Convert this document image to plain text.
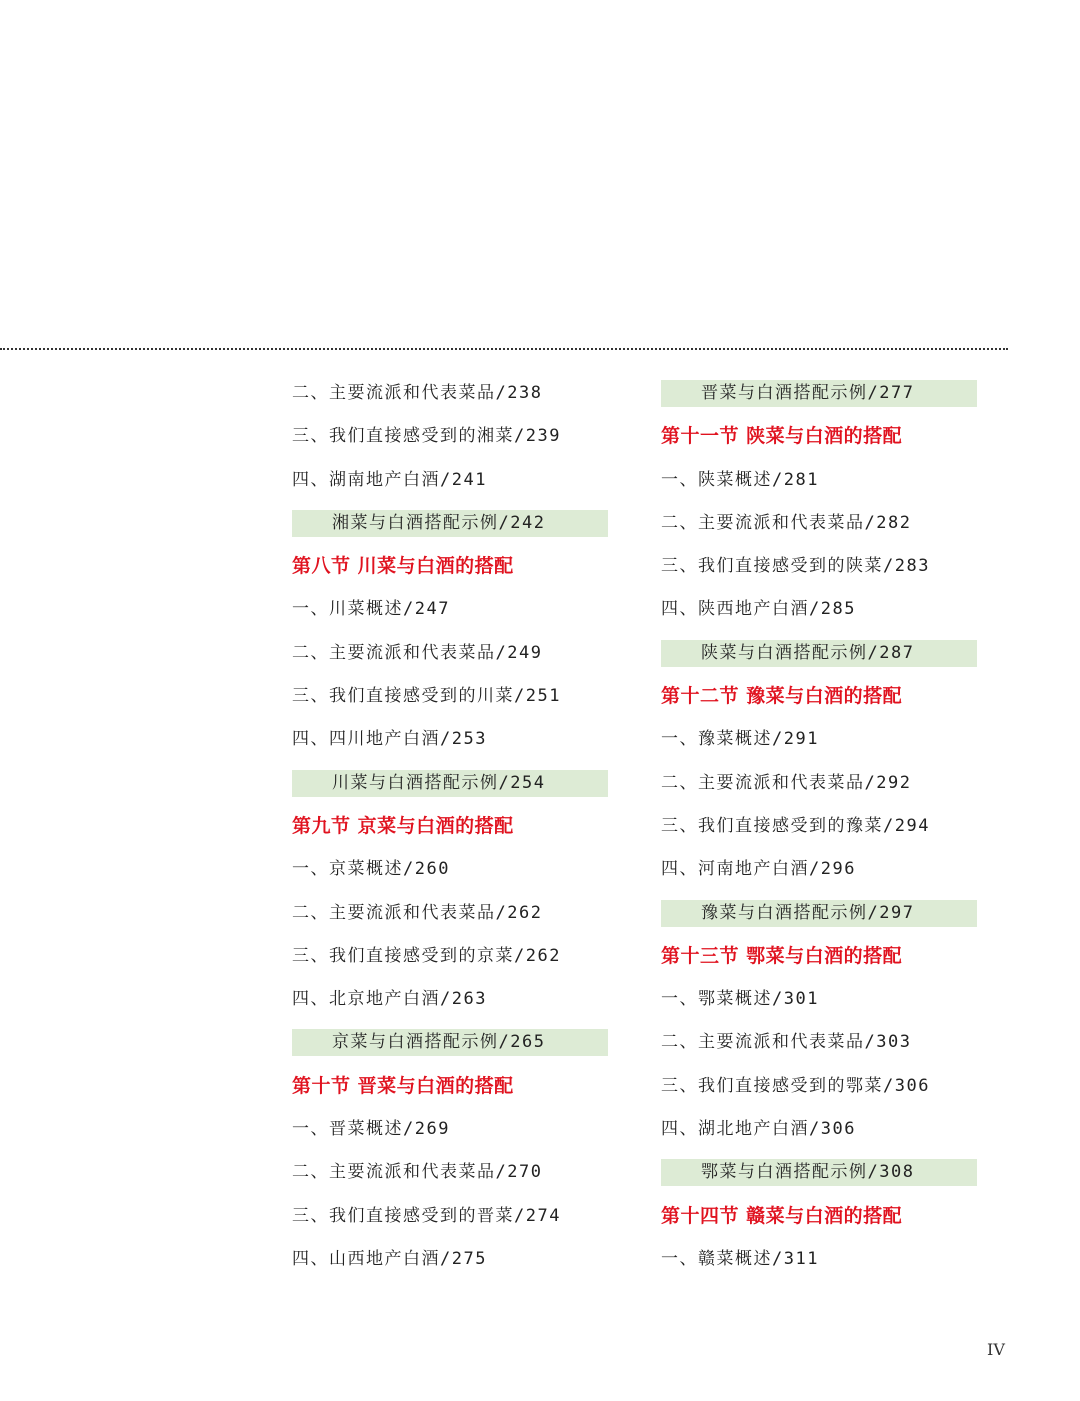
二、主要流派和代表菜品/238
三、我们直接感受到的湘菜/239
四、湖南地产白酒/241
湘菜与白酒搭配示例/242
第八节 川菜与白酒的搭配
一、川菜概述/247
二、主要流派和代表菜品/249
三、我们直接感受到的川菜/251
四、四川地产白酒/253
川菜与白酒搭配示例/254
第九节 京菜与白酒的搭配
一、京菜概述/260
二、主要流派和代表菜品/262
三、我们直接感受到的京菜/262
四、北京地产白酒/263
京菜与白酒搭配示例/265
第十节 晋菜与白酒的搭配
一、晋菜概述/269
二、主要流派和代表菜品/270
三、我们直接感受到的晋菜/274
四、山西地产白酒/275
晋菜与白酒搭配示例/277
第十一节 陕菜与白酒的搭配
一、陕菜概述/281
二、主要流派和代表菜品/282
三、我们直接感受到的陕菜/283
四、陕西地产白酒/285
陕菜与白酒搭配示例/287
第十二节 豫菜与白酒的搭配
一、豫菜概述/291
二、主要流派和代表菜品/292
三、我们直接感受到的豫菜/294
四、河南地产白酒/296
豫菜与白酒搭配示例/297
第十三节 鄂菜与白酒的搭配
一、鄂菜概述/301
二、主要流派和代表菜品/303
三、我们直接感受到的鄂菜/306
四、湖北地产白酒/306
鄂菜与白酒搭配示例/308
第十四节 赣菜与白酒的搭配
一、赣菜概述/311
IV
